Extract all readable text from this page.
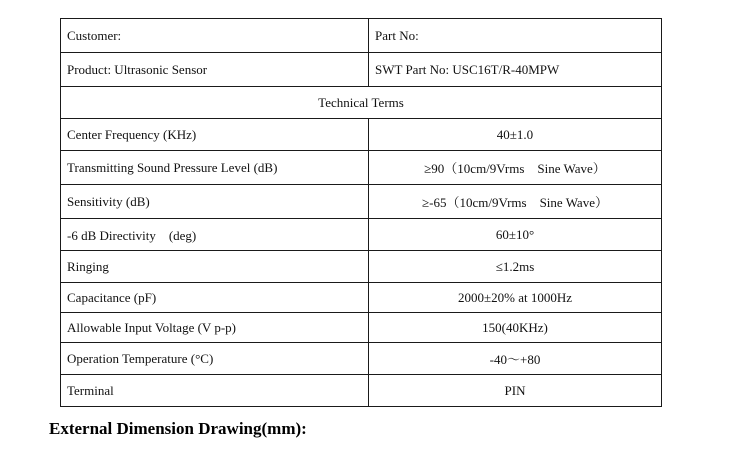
Customer:	Part No:
Product: Ultrasonic Sensor	SWT Part No: USC16T/R-40MPW
Technical Terms	
Center Frequency (KHz)	40±1.0
Transmitting Sound Pressure Level (dB)	≥90（10cm/9Vrms　Sine Wave）
Sensitivity (dB)	≥-65（10cm/9Vrms　Sine Wave）
-6 dB Directivity　(deg)	60±10°
Ringing	≤1.2ms
Capacitance (pF)	2000±20% at 1000Hz
Allowable Input Voltage (V p-p)	150(40KHz)
Operation Temperature (°C)	-40～+80
Terminal	PIN
External Dimension Drawing(mm):
